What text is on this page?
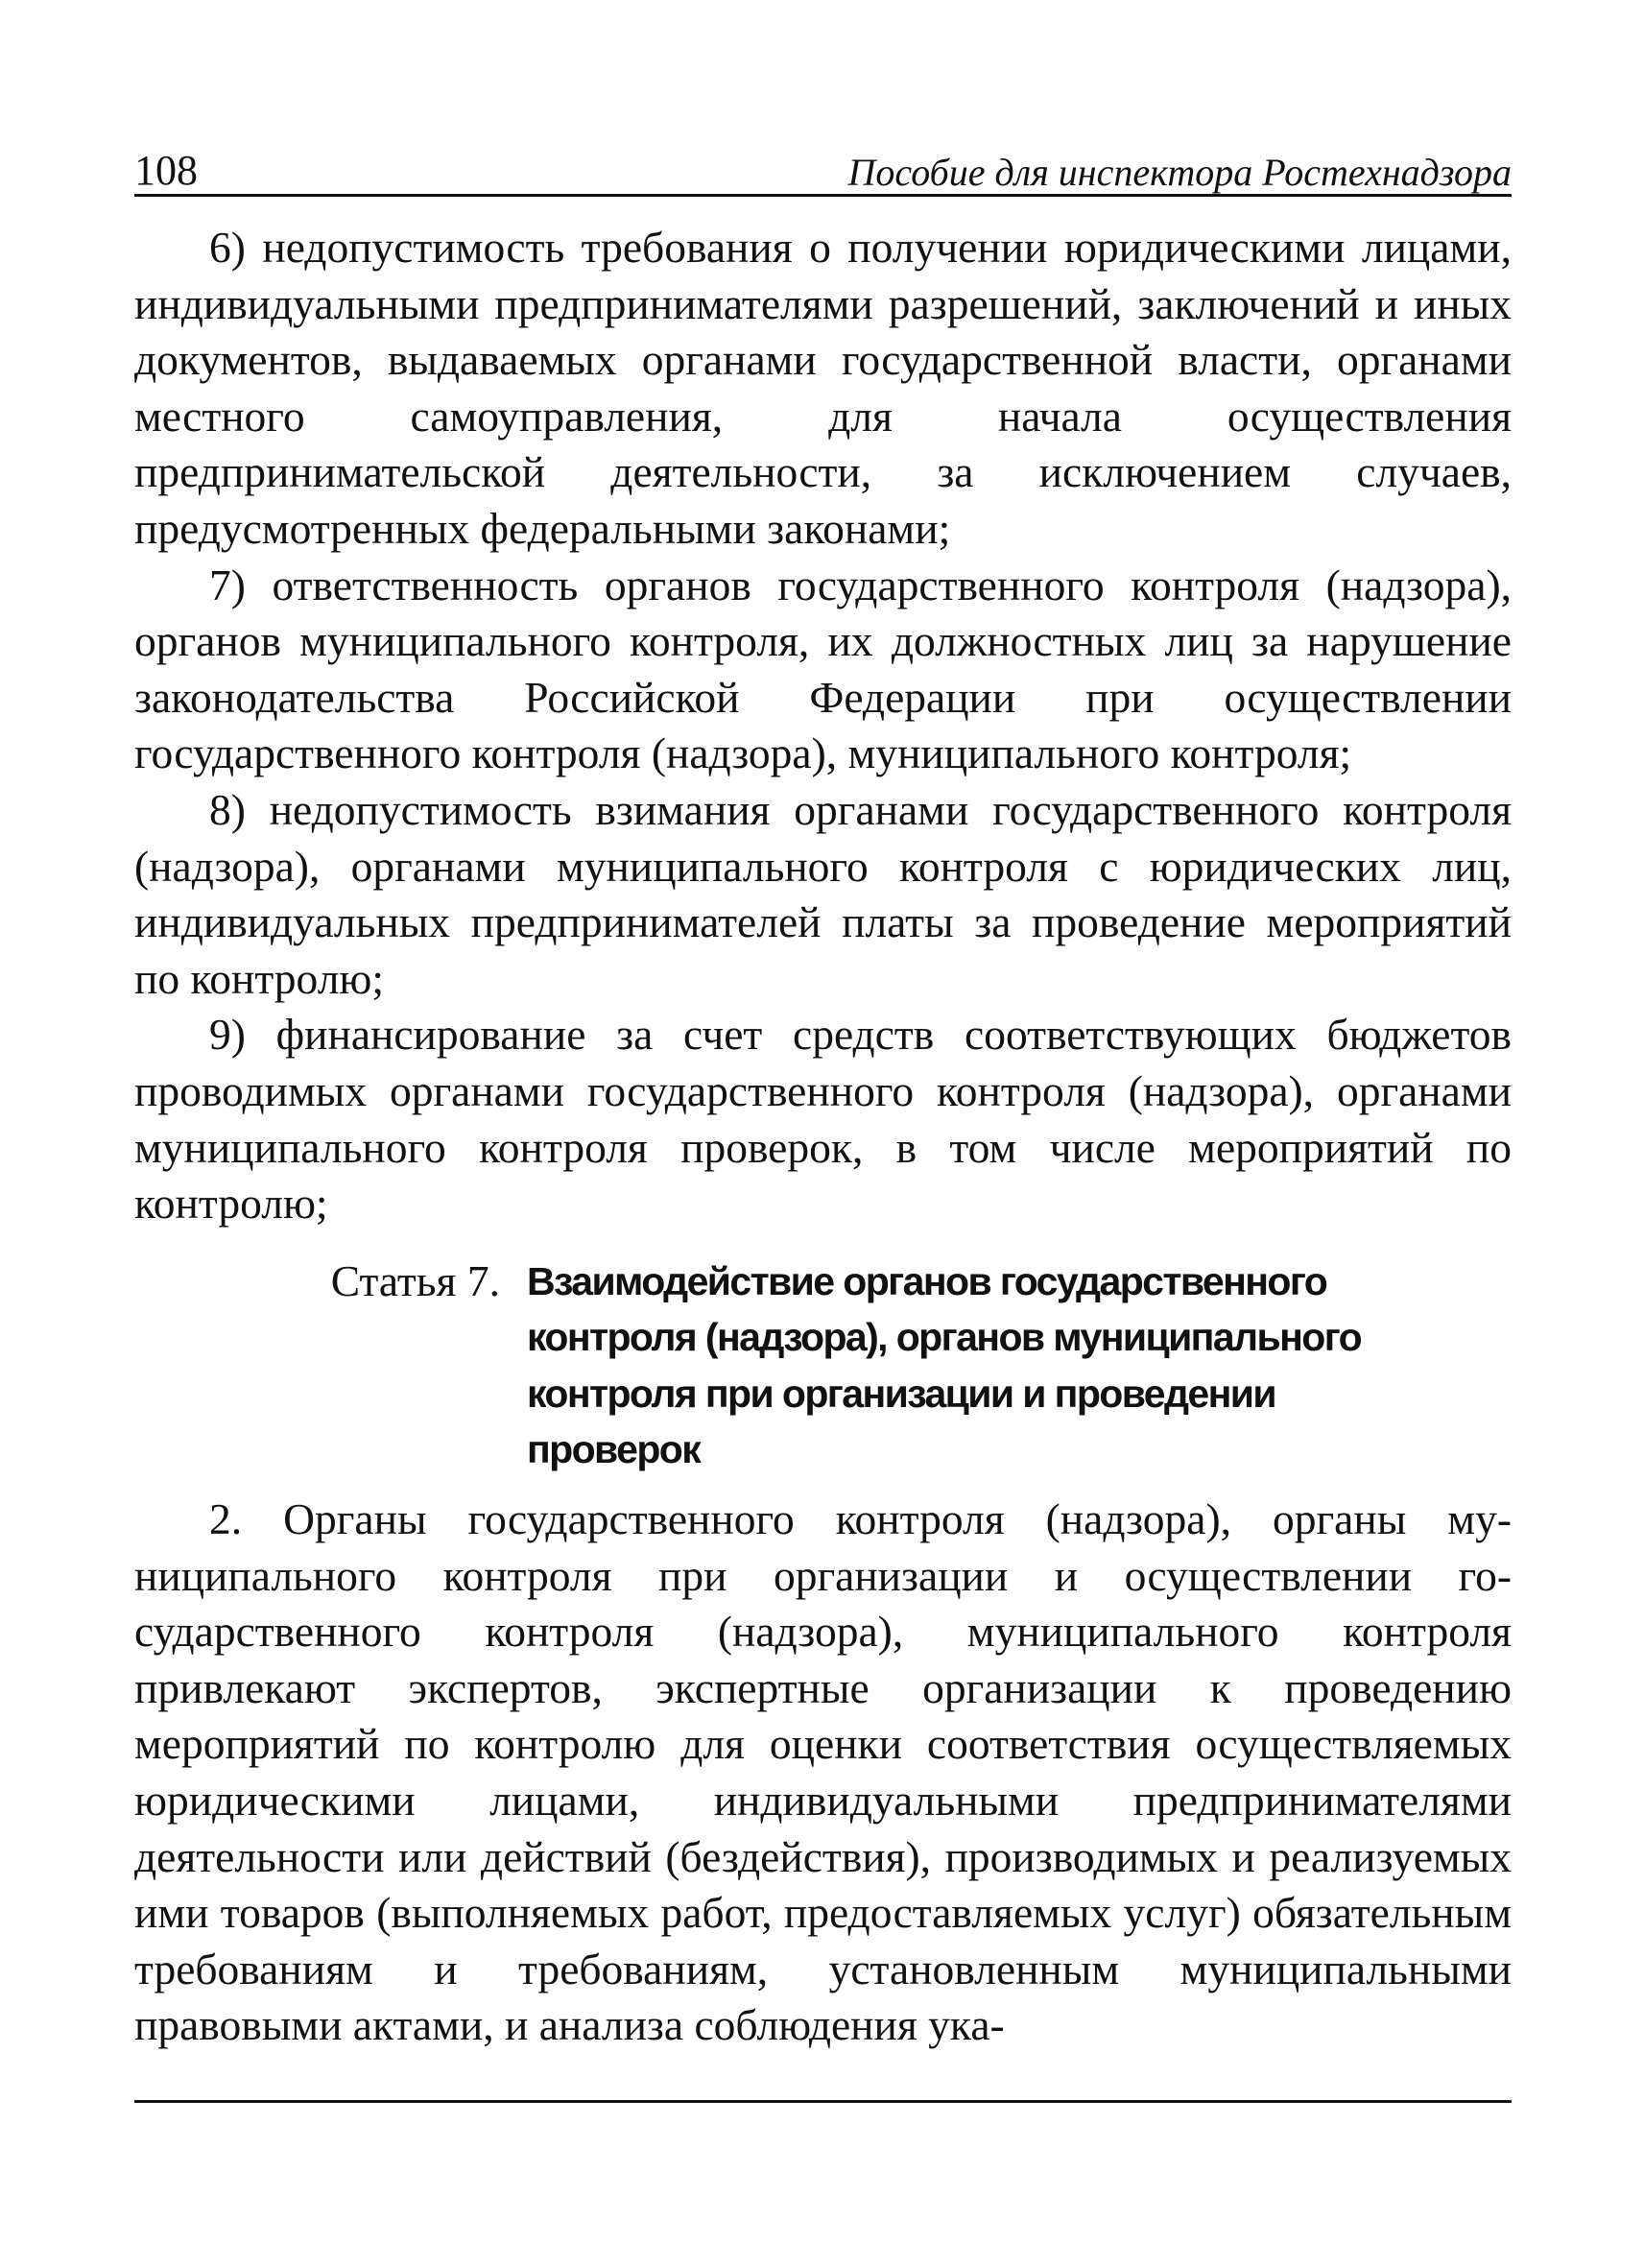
108	Пособие для инспектора Ростехнадзора

6) недопустимость требования о получении юридическими лицами, индивидуальными предпринимателями разрешений, заключений и иных документов, выдаваемых органами государственной власти, органами местного самоуправления, для начала осуществления предпринимательской деятельности, за исключением случаев, предусмотренных федеральными законами;

7) ответственность органов государственного контроля (надзора), органов муниципального контроля, их должностных лиц за нарушение законодательства Российской Федерации при осуществлении государственного контроля (надзора), муниципального контроля;

8) недопустимость взимания органами государственного контроля (надзора), органами муниципального контроля с юридических лиц, индивидуальных предпринимателей платы за проведение мероприятий по контролю;

9) финансирование за счет средств соответствующих бюджетов проводимых органами государственного контроля (надзора), органами муниципального контроля проверок, в том числе мероприятий по контролю;

Статья 7. Взаимодействие органов государственного контроля (надзора), органов муниципального контроля при организации и проведении проверок

2. Органы государственного контроля (надзора), органы муниципального контроля при организации и осуществлении государственного контроля (надзора), муниципального контроля привлекают экспертов, экспертные организации к проведению мероприятий по контролю для оценки соответствия осуществляемых юридическими лицами, индивидуальными предпринимателями деятельности или действий (бездействия), производимых и реализуемых ими товаров (выполняемых работ, предоставляемых услуг) обязательным требованиям и требованиям, установленным муниципальными правовыми актами, и анализа соблюдения ука-
